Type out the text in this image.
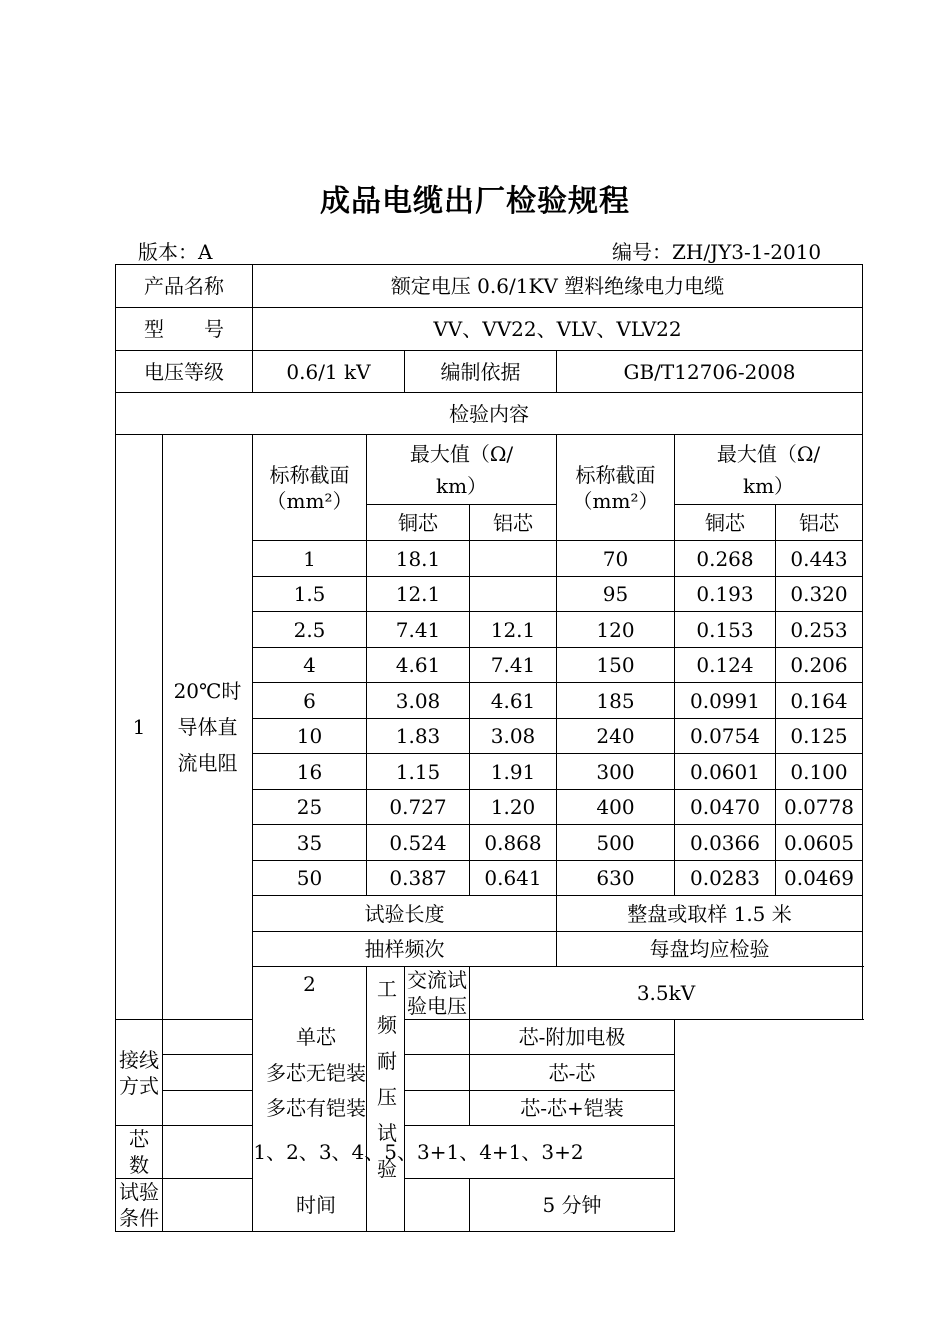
成品电缆出厂检验规程
版本：A	编号：ZH/JY3-1-2010
产品名称		额定电压 0.6/1KV 塑料绝缘电力电缆						
型　　号		VV、VV22、VLV、VLV22						
电压等级		0.6/1 kV		编制依据		GB/T12706-2008		
检验内容								
1	20℃时导体直流电阻	标称截面（mm²）	最大值（Ω/ km）			标称截面（mm²）	最大值（Ω/ km）	
			铜芯		铝芯		铜芯	铝芯
		1	18.1			70	0.268	0.443
		1.5	12.1			95	0.193	0.320
		2.5	7.41		12.1	120	0.153	0.253
		4	4.61		7.41	150	0.124	0.206
		6	3.08		4.61	185	0.0991	0.164
		10	1.83		3.08	240	0.0754	0.125
		16	1.15		1.91	300	0.0601	0.100
		25	0.727		1.20	400	0.0470	0.0778
		35	0.524		0.868	500	0.0366	0.0605
		50	0.387		0.641	630	0.0283	0.0469
		试验长度				整盘或取样 1.5 米		
		抽样频次				每盘均应检验		
		2	工频耐压试验	交流试验电压	3.5kV			
接线方式	单芯				芯-附加电极			
	多芯无铠装				芯-芯			
	多芯有铠装				芯-芯+铠装			
芯　　数	1、2、3、4、5、3+1、4+1、3+2							
试验条件	时间				5 分钟			
